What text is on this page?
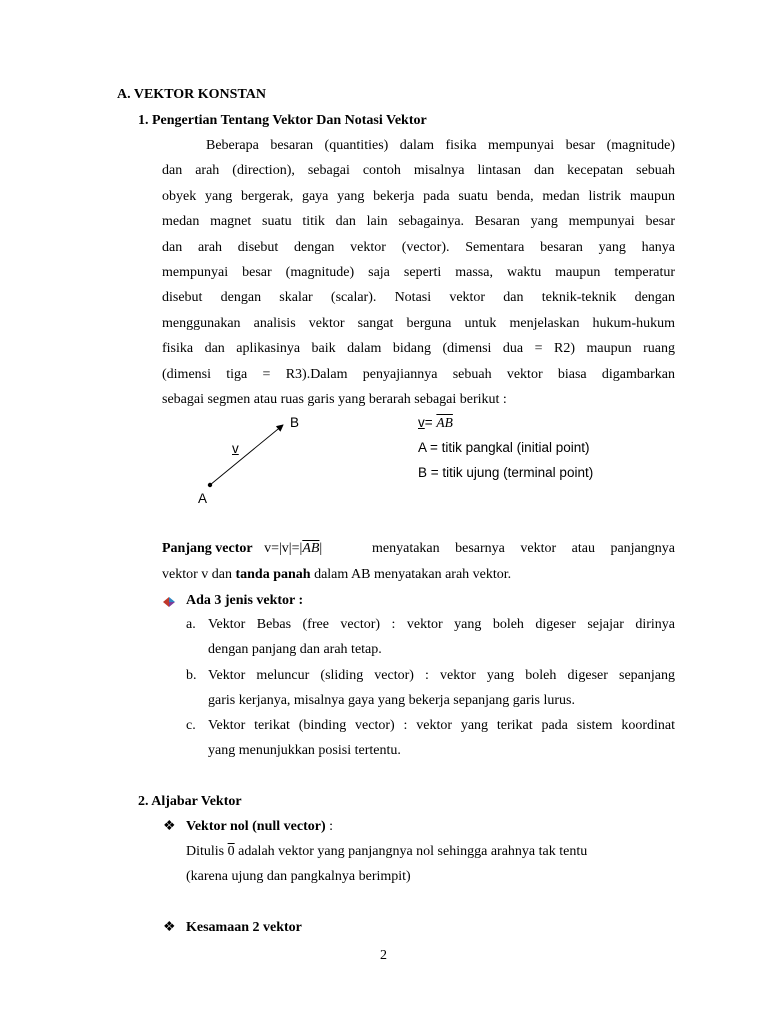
A. VEKTOR KONSTAN
1. Pengertian Tentang Vektor Dan Notasi Vektor
Beberapa besaran (quantities) dalam fisika mempunyai besar (magnitude)
dan arah (direction), sebagai contoh misalnya lintasan dan kecepatan sebuah
obyek yang bergerak, gaya yang bekerja pada suatu benda, medan listrik maupun
medan magnet suatu titik dan lain sebagainya. Besaran yang mempunyai besar
dan arah disebut dengan vektor (vector). Sementara besaran yang hanya
mempunyai besar (magnitude) saja seperti massa, waktu maupun temperatur
disebut dengan skalar (scalar). Notasi vektor dan teknik-teknik dengan
menggunakan analisis vektor sangat berguna untuk menjelaskan hukum-hukum
fisika dan aplikasinya baik dalam bidang (dimensi dua = R2) maupun ruang
(dimensi tiga = R3).Dalam penyajiannya sebuah vektor biasa digambarkan
sebagai segmen atau ruas garis yang berarah sebagai berikut :
B
v
A
$v= \overline{AB}$
A = titik pangkal (initial point)
B = titik ujung (terminal point)
Panjang vector $v=|v|=|\overline{AB}|$	menyatakan besarnya vektor atau panjangnya
vektor v dan tanda panah dalam AB menyatakan arah vektor.
Ada 3 jenis vektor :
a. Vektor Bebas (free vector) : vektor yang boleh digeser sejajar dirinya
dengan panjang dan arah tetap.
b. Vektor meluncur (sliding vector) : vektor yang boleh digeser sepanjang
garis kerjanya, misalnya gaya yang bekerja sepanjang garis lurus.
c. Vektor terikat (binding vector) : vektor yang terikat pada sistem koordinat
yang menunjukkan posisi tertentu.
2. Aljabar Vektor
❖ Vektor nol (null vector) :
Ditulis 0 adalah vektor yang panjangnya nol sehingga arahnya tak tentu
(karena ujung dan pangkalnya berimpit)
❖ Kesamaan 2 vektor
2
